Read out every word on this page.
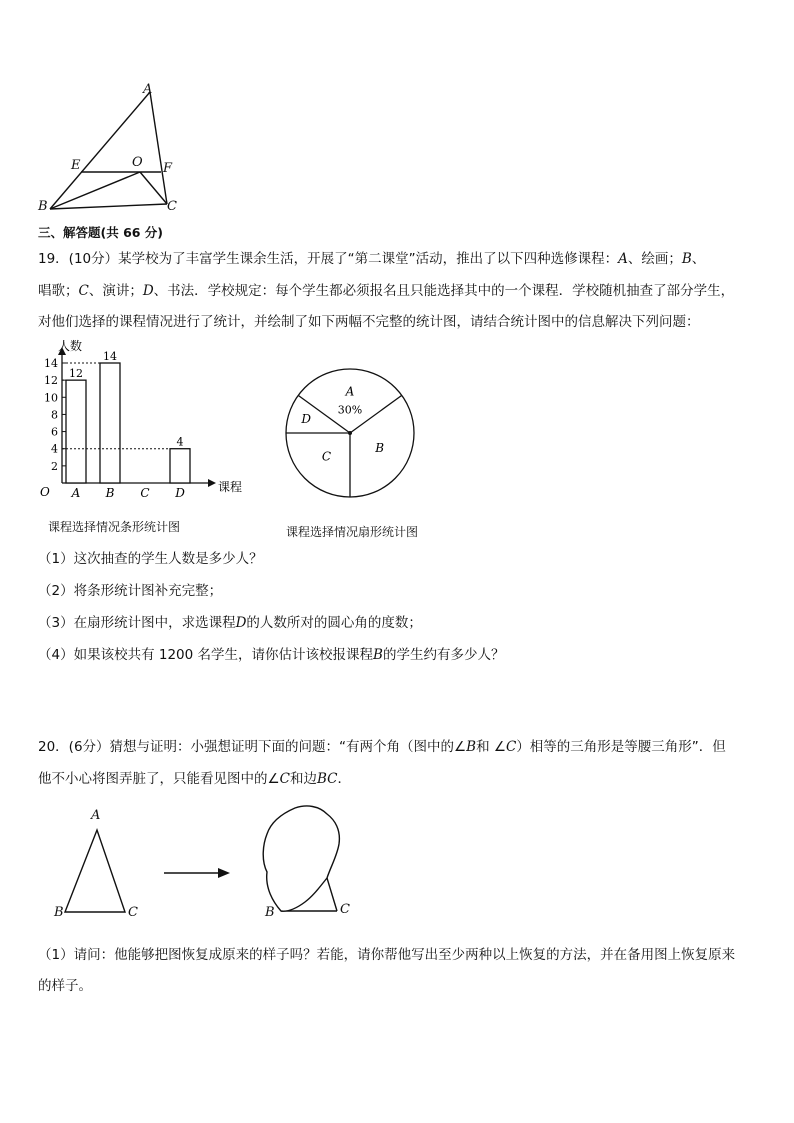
A
E	O F
B	C
三、解答题(共 66 分)
19．(10分）某学校为了丰富学生课余生活，开展了“第二课堂”活动，推出了以下四种选修课程：A、绘画；B、
唱歌；C、演讲；D、书法．学校规定：每个学生都必须报名且只能选择其中的一个课程．学校随机抽查了部分学生，
对他们选择的课程情况进行了统计，并绘制了如下两幅不完整的统计图，请结合统计图中的信息解决下列问题：
人数
课程
O
2
4
6
8
10
12
14
A
12
B
14
C D
4
课程选择情况条形统计图
A
30%
B
C
D
课程选择情况扇形统计图
（1）这次抽查的学生人数是多少人？
（2）将条形统计图补充完整；
（3）在扇形统计图中，求选课程D的人数所对的圆心角的度数；
（4）如果该校共有 1200 名学生，请你估计该校报课程B的学生约有多少人？
20．(6分）猜想与证明：小强想证明下面的问题：“有两个角（图中的∠B和 ∠C）相等的三角形是等腰三角形”．但
他不小心将图弄脏了，只能看见图中的∠C和边BC．
A
B	C	B	C
（1）请问：他能够把图恢复成原来的样子吗？若能，请你帮他写出至少两种以上恢复的方法，并在备用图上恢复原来
的样子。
